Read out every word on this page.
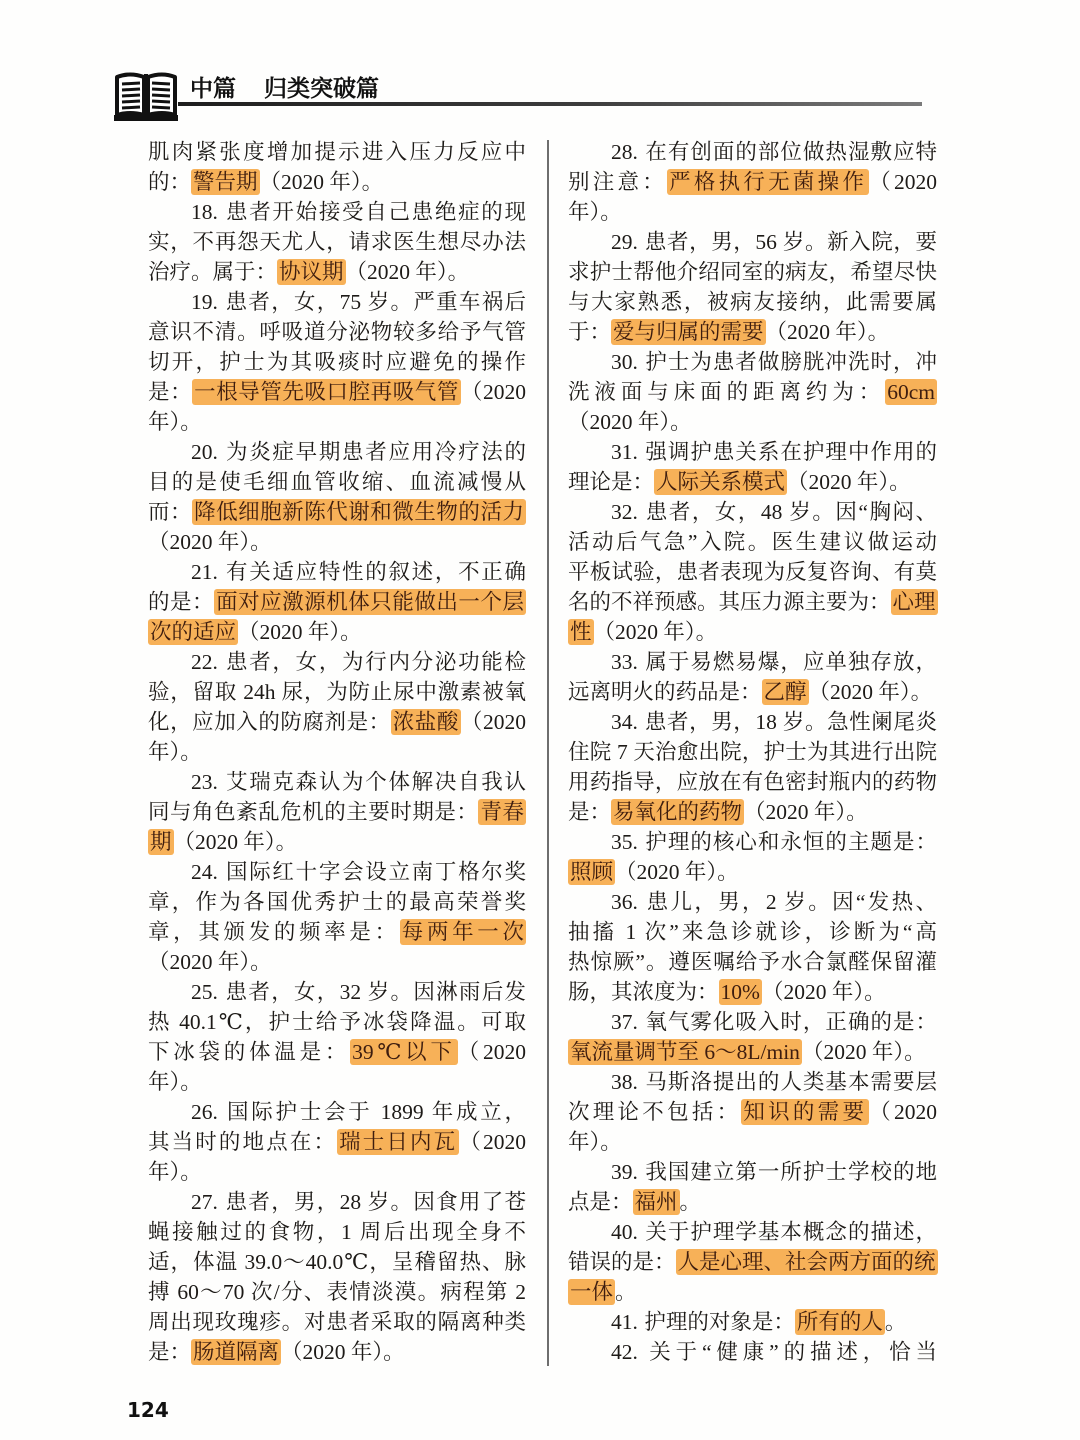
中篇 归类突破篇
肌肉紧张度增加提示进入压力反应中
的：警告期（2020 年）。
18. 患者开始接受自己患绝症的现
实，不再怨天尤人，请求医生想尽办法
治疗。属于：协议期（2020 年）。
19. 患者，女，75 岁。严重车祸后
意识不清。呼吸道分泌物较多给予气管
切开，护士为其吸痰时应避免的操作
是：一根导管先吸口腔再吸气管（2020
年）。
20. 为炎症早期患者应用冷疗法的
目的是使毛细血管收缩、血流减慢从
而：降低细胞新陈代谢和微生物的活力
（2020 年）。
21. 有关适应特性的叙述，不正确
的是：面对应激源机体只能做出一个层
次的适应（2020 年）。
22. 患者，女，为行内分泌功能检
验，留取 24h 尿，为防止尿中激素被氧
化，应加入的防腐剂是：浓盐酸（2020
年）。
23. 艾瑞克森认为个体解决自我认
同与角色紊乱危机的主要时期是：青春
期（2020 年）。
24. 国际红十字会设立南丁格尔奖
章，作为各国优秀护士的最高荣誉奖
章，其颁发的频率是：每两年一次
（2020 年）。
25. 患者，女，32 岁。因淋雨后发
热 40.1℃，护士给予冰袋降温。可取
下冰袋的体温是：39℃以下（2020
年）。
26. 国际护士会于 1899 年成立，
其当时的地点在：瑞士日内瓦（2020
年）。
27. 患者，男，28 岁。因食用了苍
蝇接触过的食物，1 周后出现全身不
适，体温 39.0～40.0℃，呈稽留热、脉
搏 60～70 次/分、表情淡漠。病程第 2
周出现玫瑰疹。对患者采取的隔离种类
是：肠道隔离（2020 年）。
28. 在有创面的部位做热湿敷应特
别注意：严格执行无菌操作（2020
年）。
29. 患者，男，56 岁。新入院，要
求护士帮他介绍同室的病友，希望尽快
与大家熟悉，被病友接纳，此需要属
于：爱与归属的需要（2020 年）。
30. 护士为患者做膀胱冲洗时，冲
洗液面与床面的距离约为：60cm
（2020 年）。
31. 强调护患关系在护理中作用的
理论是：人际关系模式（2020 年）。
32. 患者，女，48 岁。因“胸闷、
活动后气急”入院。医生建议做运动
平板试验，患者表现为反复咨询、有莫
名的不祥预感。其压力源主要为：心理
性（2020 年）。
33. 属于易燃易爆，应单独存放，
远离明火的药品是：乙醇（2020 年）。
34. 患者，男，18 岁。急性阑尾炎
住院 7 天治愈出院，护士为其进行出院
用药指导，应放在有色密封瓶内的药物
是：易氧化的药物（2020 年）。
35. 护理的核心和永恒的主题是：
照顾（2020 年）。
36. 患儿，男，2 岁。因“发热、
抽搐 1 次”来急诊就诊，诊断为“高
热惊厥”。遵医嘱给予水合氯醛保留灌
肠，其浓度为：10%（2020 年）。
37. 氧气雾化吸入时，正确的是：
氧流量调节至 6～8L/min（2020 年）。
38. 马斯洛提出的人类基本需要层
次理论不包括：知识的需要（2020
年）。
39. 我国建立第一所护士学校的地
点是：福州。
40. 关于护理学基本概念的描述，
错误的是：人是心理、社会两方面的统
一体。
41. 护理的对象是：所有的人。
42. 关于“健康”的描述，恰当
124
